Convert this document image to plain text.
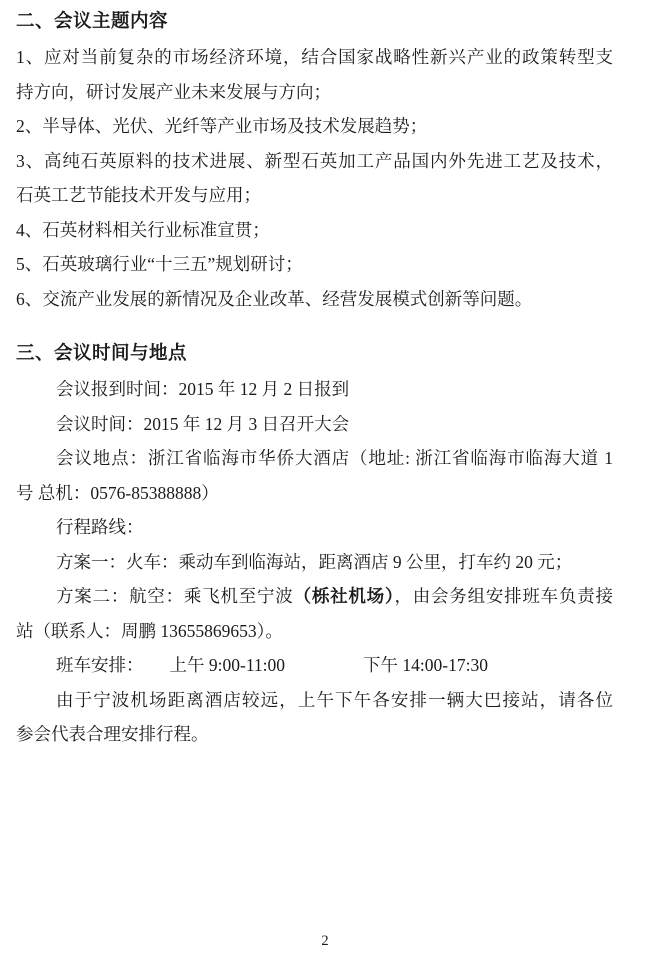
二、会议主题内容
1、应对当前复杂的市场经济环境，结合国家战略性新兴产业的政策转型支
持方向，研讨发展产业未来发展与方向；
2、半导体、光伏、光纤等产业市场及技术发展趋势；
3、高纯石英原料的技术进展、新型石英加工产品国内外先进工艺及技术，
石英工艺节能技术开发与应用；
4、石英材料相关行业标准宣贯；
5、石英玻璃行业“十三五”规划研讨；
6、交流产业发展的新情况及企业改革、经营发展模式创新等问题。
三、会议时间与地点
会议报到时间：2015 年 12 月 2 日报到
会议时间：2015 年 12 月 3 日召开大会
会议地点：浙江省临海市华侨大酒店（地址: 浙江省临海市临海大道 1
号 总机：0576-85388888）
行程路线：
方案一：火车：乘动车到临海站，距离酒店 9 公里，打车约 20 元；
方案二：航空：乘飞机至宁波（栎社机场），由会务组安排班车负责接
站（联系人：周鹏 13655869653）。
班车安排： 上午 9:00-11:00	下午 14:00-17:30
由于宁波机场距离酒店较远，上午下午各安排一辆大巴接站，请各位
参会代表合理安排行程。
2
